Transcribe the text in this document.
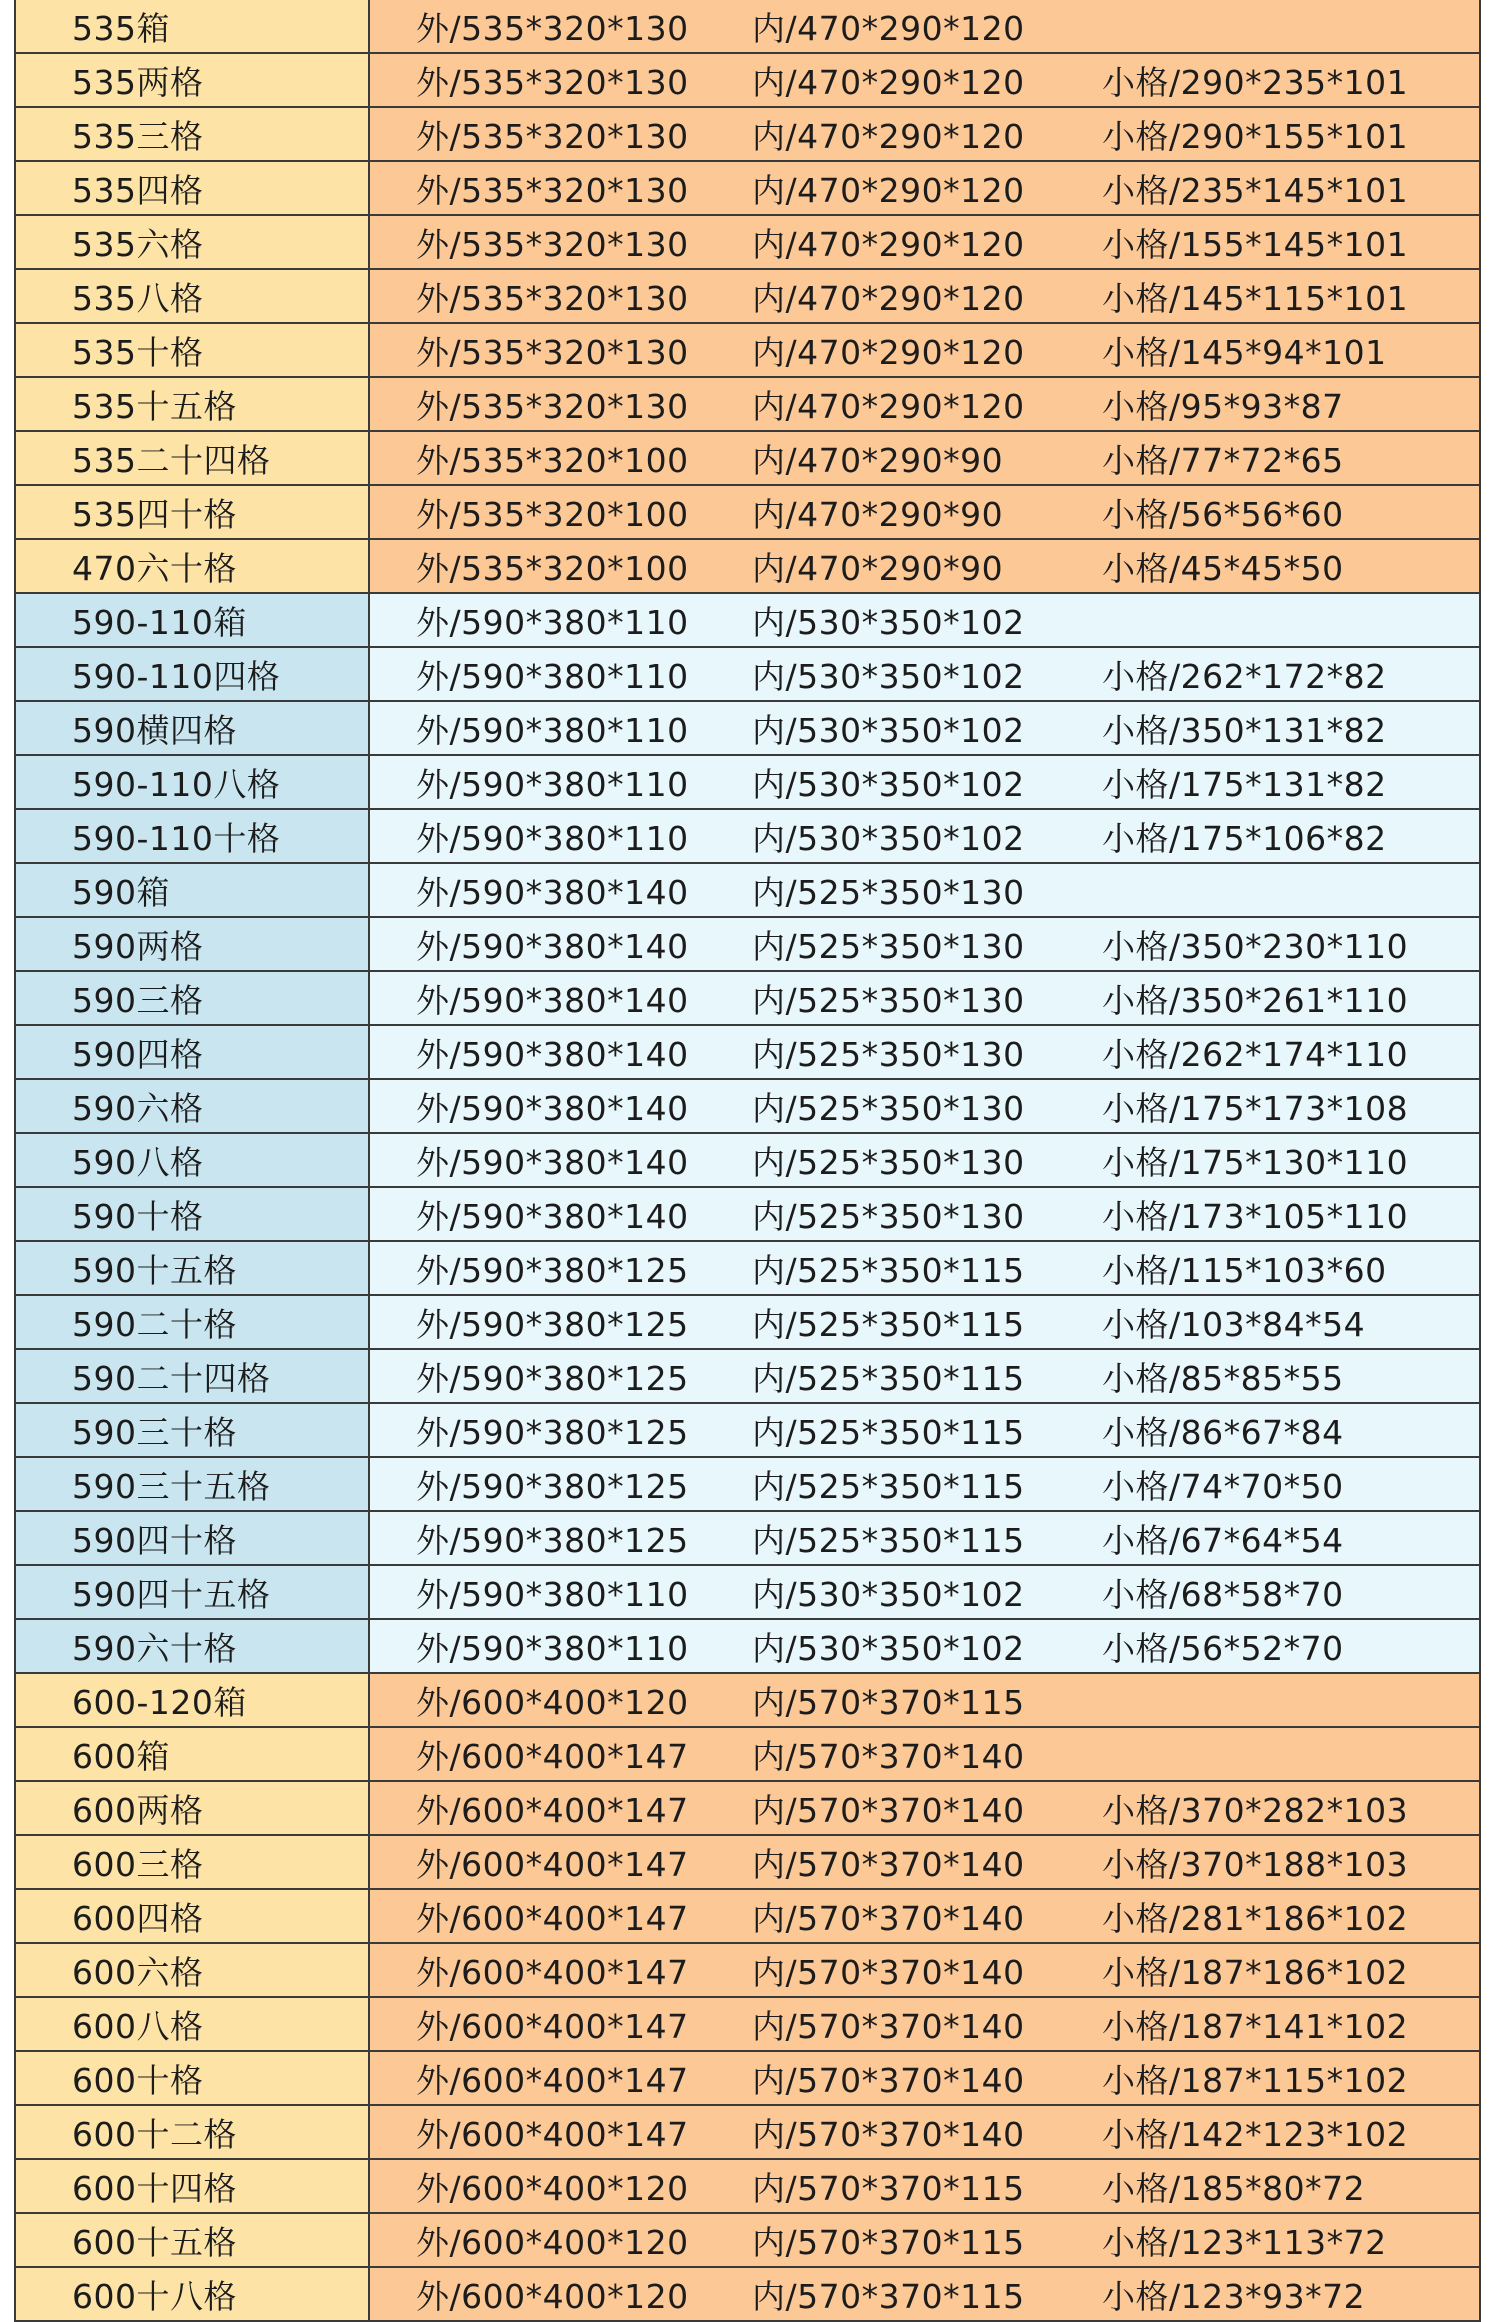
535箱	外/535*320*130	内/470*290*120
535两格	外/535*320*130	内/470*290*120	小格/290*235*101
535三格	外/535*320*130	内/470*290*120	小格/290*155*101
535四格	外/535*320*130	内/470*290*120	小格/235*145*101
535六格	外/535*320*130	内/470*290*120	小格/155*145*101
535八格	外/535*320*130	内/470*290*120	小格/145*115*101
535十格	外/535*320*130	内/470*290*120	小格/145*94*101
535十五格	外/535*320*130	内/470*290*120	小格/95*93*87
535二十四格	外/535*320*100	内/470*290*90	小格/77*72*65
535四十格	外/535*320*100	内/470*290*90	小格/56*56*60
470六十格	外/535*320*100	内/470*290*90	小格/45*45*50
590-110箱	外/590*380*110	内/530*350*102
590-110四格	外/590*380*110	内/530*350*102	小格/262*172*82
590横四格	外/590*380*110	内/530*350*102	小格/350*131*82
590-110八格	外/590*380*110	内/530*350*102	小格/175*131*82
590-110十格	外/590*380*110	内/530*350*102	小格/175*106*82
590箱	外/590*380*140	内/525*350*130
590两格	外/590*380*140	内/525*350*130	小格/350*230*110
590三格	外/590*380*140	内/525*350*130	小格/350*261*110
590四格	外/590*380*140	内/525*350*130	小格/262*174*110
590六格	外/590*380*140	内/525*350*130	小格/175*173*108
590八格	外/590*380*140	内/525*350*130	小格/175*130*110
590十格	外/590*380*140	内/525*350*130	小格/173*105*110
590十五格	外/590*380*125	内/525*350*115	小格/115*103*60
590二十格	外/590*380*125	内/525*350*115	小格/103*84*54
590二十四格	外/590*380*125	内/525*350*115	小格/85*85*55
590三十格	外/590*380*125	内/525*350*115	小格/86*67*84
590三十五格	外/590*380*125	内/525*350*115	小格/74*70*50
590四十格	外/590*380*125	内/525*350*115	小格/67*64*54
590四十五格	外/590*380*110	内/530*350*102	小格/68*58*70
590六十格	外/590*380*110	内/530*350*102	小格/56*52*70
600-120箱	外/600*400*120	内/570*370*115
600箱	外/600*400*147	内/570*370*140
600两格	外/600*400*147	内/570*370*140	小格/370*282*103
600三格	外/600*400*147	内/570*370*140	小格/370*188*103
600四格	外/600*400*147	内/570*370*140	小格/281*186*102
600六格	外/600*400*147	内/570*370*140	小格/187*186*102
600八格	外/600*400*147	内/570*370*140	小格/187*141*102
600十格	外/600*400*147	内/570*370*140	小格/187*115*102
600十二格	外/600*400*147	内/570*370*140	小格/142*123*102
600十四格	外/600*400*120	内/570*370*115	小格/185*80*72
600十五格	外/600*400*120	内/570*370*115	小格/123*113*72
600十八格	外/600*400*120	内/570*370*115	小格/123*93*72
